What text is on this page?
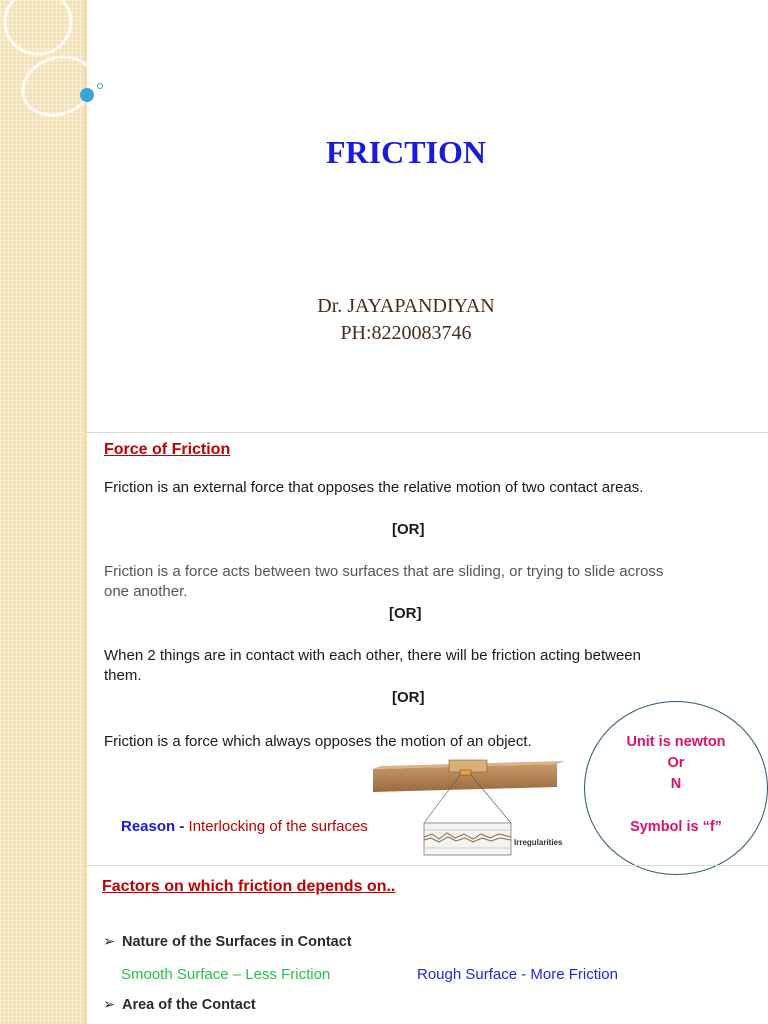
FRICTION
Dr. JAYAPANDIYAN
PH:8220083746
Force of Friction
Friction is an external force that opposes the relative motion of two contact areas.
[OR]
Friction is a force acts between two surfaces that are sliding, or trying to slide across
one another.
[OR]
When 2 things are in contact with each other, there will be friction acting between
them.
[OR]
Friction is a force which always opposes the motion of an object.
Reason - Interlocking of the surfaces
Irregularities
Unit is newton
Or
N
Symbol is “f”
Factors on which friction depends on..
➢ Nature of the Surfaces in Contact
Smooth Surface – Less Friction	Rough Surface - More Friction
➢ Area of the Contact
